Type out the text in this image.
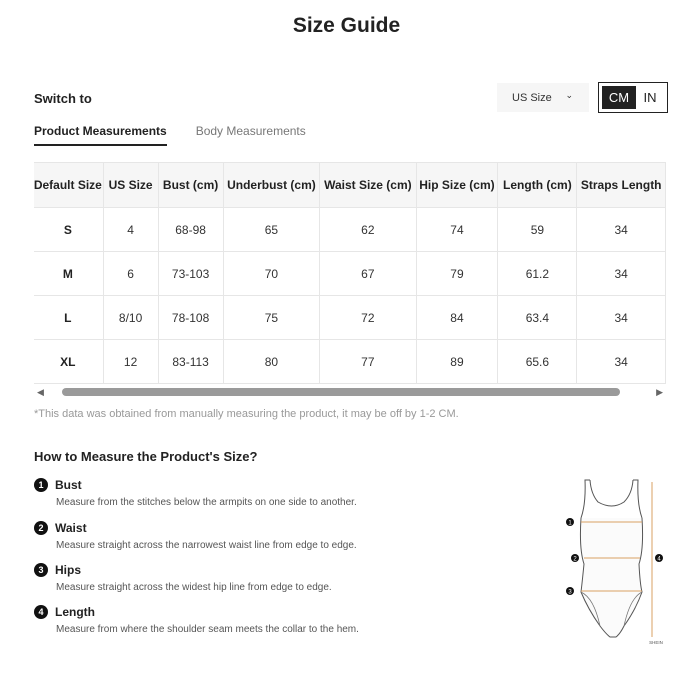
Size Guide
Switch to	US Size ⌄	CM	IN
Product Measurements Body Measurements
Default Size	US Size	Bust (cm)	Underbust (cm)	Waist Size (cm)	Hip Size (cm)	Length (cm)	Straps Length
S	4	68-98	65	62	74	59	34
M	6	73-103	70	67	79	61.2	34
L	8/10	78-108	75	72	84	63.4	34
XL	12	83-113	80	77	89	65.6	34
◀	▶
*This data was obtained from manually measuring the product, it may be off by 1-2 CM.
How to Measure the Product's Size?
1 Bust
Measure from the stitches below the armpits on one side to another.
2 Waist
Measure straight across the narrowest waist line from edge to edge.
3 Hips
Measure straight across the widest hip line from edge to edge.
4 Length
Measure from where the shoulder seam meets the collar to the hem.
1
2
3
4
SHEIN
